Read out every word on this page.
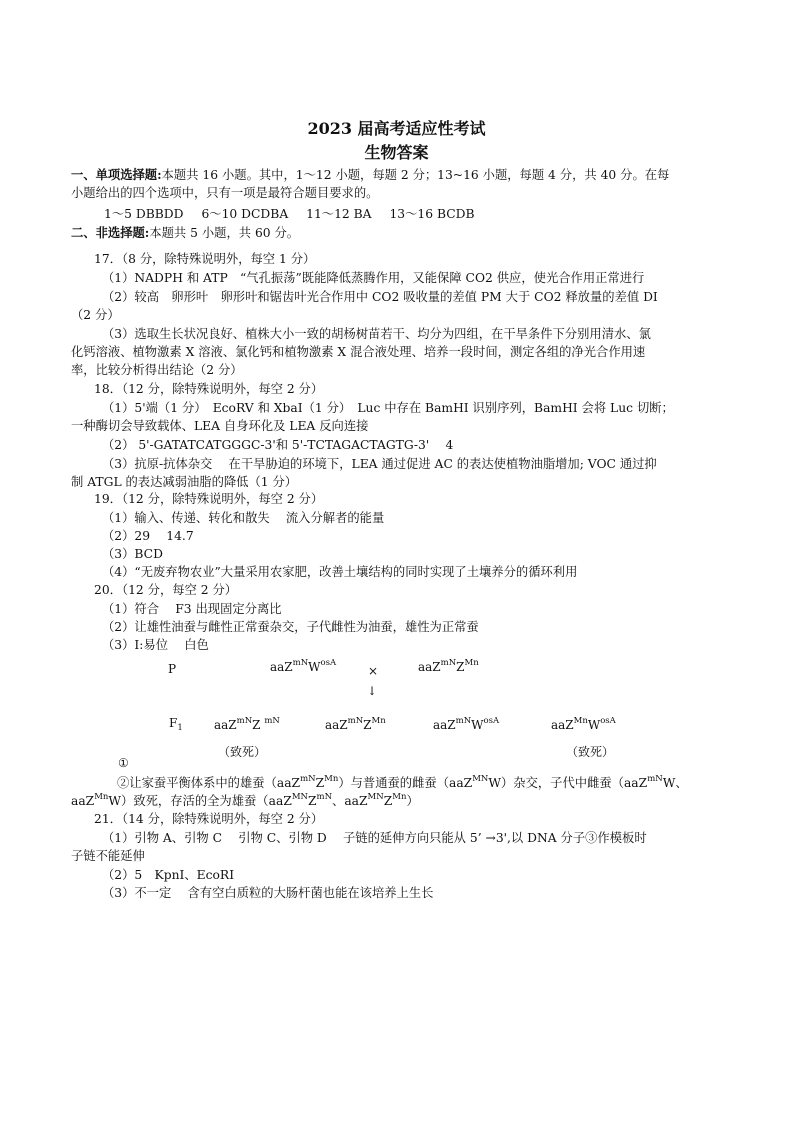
2023 届高考适应性考试
生物答案
一、单项选择题:本题共 16 小题。其中，1～12 小题，每题 2 分；13~16 小题，每题 4 分，共 40 分。在每
小题给出的四个选项中，只有一项是最符合题目要求的。
1～5 DBBDD 6～10 DCDBA 11～12 BA 13～16 BCDB
二、非选择题:本题共 5 小题，共 60 分。
17．（8 分，除特殊说明外，每空 1 分）
（1）NADPH 和 ATP　“气孔振荡”既能降低蒸腾作用，又能保障 CO2 供应，使光合作用正常进行
（2）较高　卵形叶　卵形叶和锯齿叶光合作用中 CO2 吸收量的差值 PM 大于 CO2 释放量的差值 DI
（2 分）
（3）选取生长状况良好、植株大小一致的胡杨树苗若干、均分为四组，在干旱条件下分别用清水、氯
化钙溶液、植物激素 X 溶液、氯化钙和植物激素 X 混合液处理、培养一段时间，测定各组的净光合作用速
率，比较分析得出结论（2 分）
18．（12 分，除特殊说明外，每空 2 分）
（1）5'端（1 分）　EcoRV 和 XbaⅠ（1 分）　Luc 中存在 BamHI 识别序列，BamHI 会将 Luc 切断；
一种酶切会导致载体、LEA 自身环化及 LEA 反向连接
（2） 5'-GATATCATGGGC-3'和 5'-TCTAGACTAGTG-3'　 4
（3）抗原-抗体杂交　 在干旱胁迫的环境下，LEA 通过促进 AC 的表达使植物油脂增加; VOC 通过抑
制 ATGL 的表达减弱油脂的降低（1 分）
19．（12 分，除特殊说明外，每空 2 分）
（1）输入、传递、转化和散失　 流入分解者的能量
（2）29　 14.7
（3）BCD
（4）“无废弃物农业”大量采用农家肥，改善土壤结构的同时实现了土壤养分的循环利用
20．（12 分，每空 2 分）
（1）符合　 F3 出现固定分离比
（2）让雄性油蚕与雌性正常蚕杂交，子代雌性为油蚕，雄性为正常蚕
（3）Ⅰ:易位　 白色
P	$aaZ^{mN}W^{osA}$
×	$aaZ^{mN}Z^{Mn}$
↓
$F_1$	aaZ$^{mN}$Z $^{mN}$	$aaZ^{mN}Z^{Mn}$	$aaZ^{mN}W^{osA}$	$aaZ^{Mn}W^{osA}$
（致死）	（致死）
①
②让家蚕平衡体系中的雄蚕$(aaZ^{mN}Z^{Mn})$与普通蚕的雌蚕（aaZ$^{MN}$W）杂交，子代中雌蚕（aaZ$^{mN}$W、
aaZ$^{Mn}$W）致死，存活的全为雄蚕（$aaZ^{MN}Z^{mN}$、$aaZ^{MN}Z^{Mn}$）
21．（14 分，除特殊说明外，每空 2 分）
（1）引物 A、引物 C　 引物 C、引物 D　 子链的延伸方向只能从 5’ →3',以 DNA 分子③作模板时
子链不能延伸
（2）5　KpnⅠ、EcoRⅠ
（3）不一定　 含有空白质粒的大肠杆菌也能在该培养上生长
